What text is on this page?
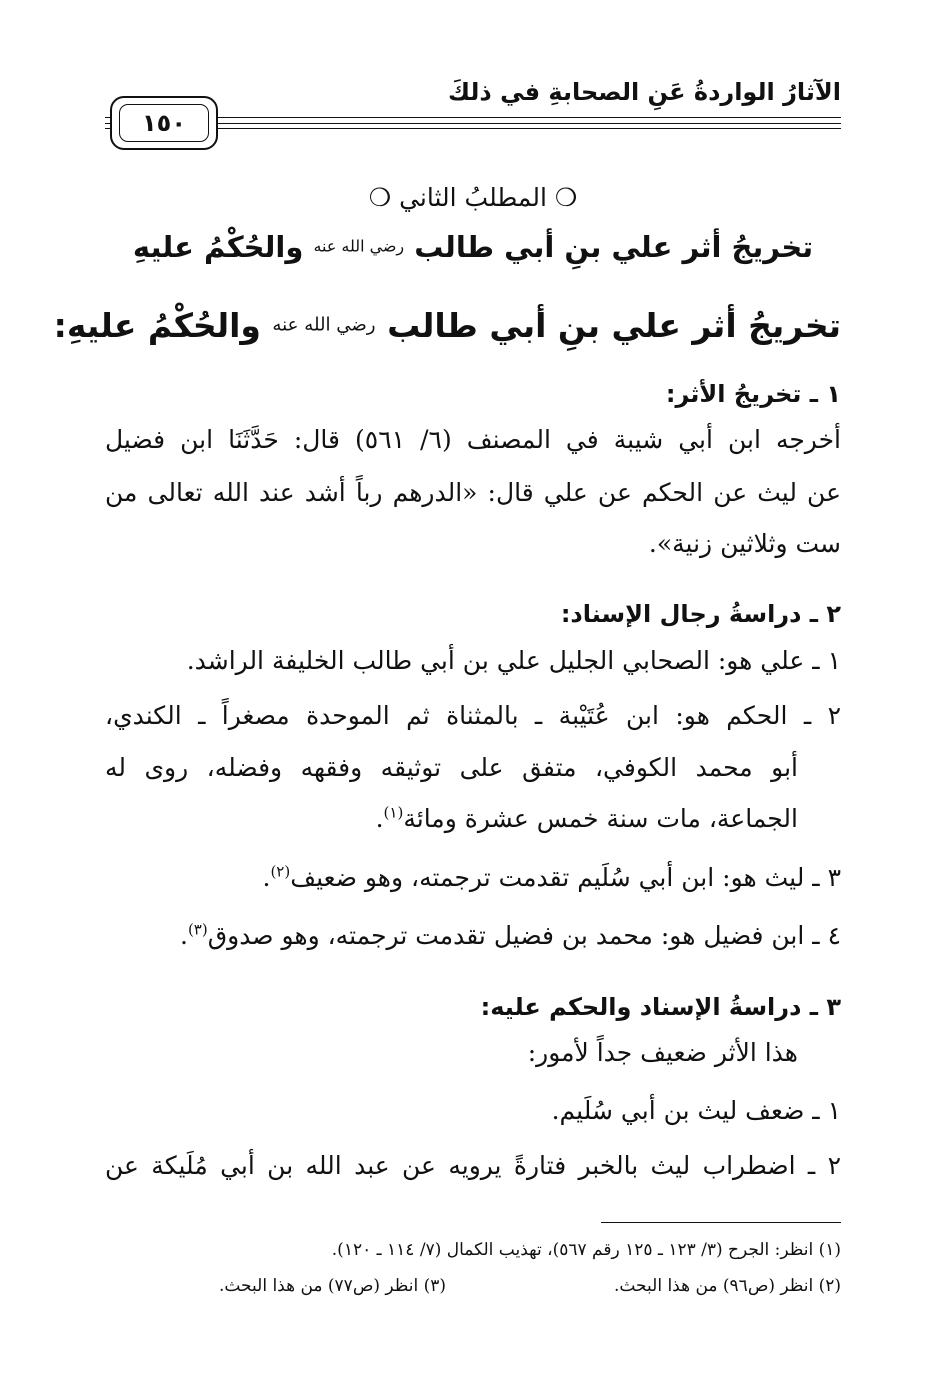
الآثارُ الواردةُ عَنِ الصحابةِ في ذلكَ
١٥٠
❍ المطلبُ الثاني ❍
تخريجُ أثر علي بنِ أبي طالب رضي الله عنه والحُكْمُ عليهِ
تخريجُ أثر علي بنِ أبي طالب رضي الله عنه والحُكْمُ عليهِ:
١ ـ تخريجُ الأثر:
أخرجه ابن أبي شيبة في المصنف (٦/ ٥٦١) قال: حَدَّثَنَا ابن فضيل
عن ليث عن الحكم عن علي قال: «الدرهم رباً أشد عند الله تعالى من
ست وثلاثين زنية».
٢ ـ دراسةُ رجال الإسناد:
١ ـ علي هو: الصحابي الجليل علي بن أبي طالب الخليفة الراشد.
٢ ـ الحكم هو: ابن عُتَيْبة ـ بالمثناة ثم الموحدة مصغراً ـ الكندي،
أبو محمد الكوفي، متفق على توثيقه وفقهه وفضله، روى له
الجماعة، مات سنة خمس عشرة ومائة$^{(١)}$.
٣ ـ ليث هو: ابن أبي سُلَيم تقدمت ترجمته، وهو ضعيف$^{(٢)}$.
٤ ـ ابن فضيل هو: محمد بن فضيل تقدمت ترجمته، وهو صدوق$^{(٣)}$.
٣ ـ دراسةُ الإسناد والحكم عليه:
هذا الأثر ضعيف جداً لأمور:
١ ـ ضعف ليث بن أبي سُلَيم.
٢ ـ اضطراب ليث بالخبر فتارةً يرويه عن عبد الله بن أبي مُلَيكة عن
(١) انظر: الجرح (٣/ ١٢٣ ـ ١٢٥ رقم ٥٦٧)، تهذيب الكمال (٧/ ١١٤ ـ ١٢٠).
(٢) انظر (ص٩٦) من هذا البحث.
(٣) انظر (ص٧٧) من هذا البحث.
